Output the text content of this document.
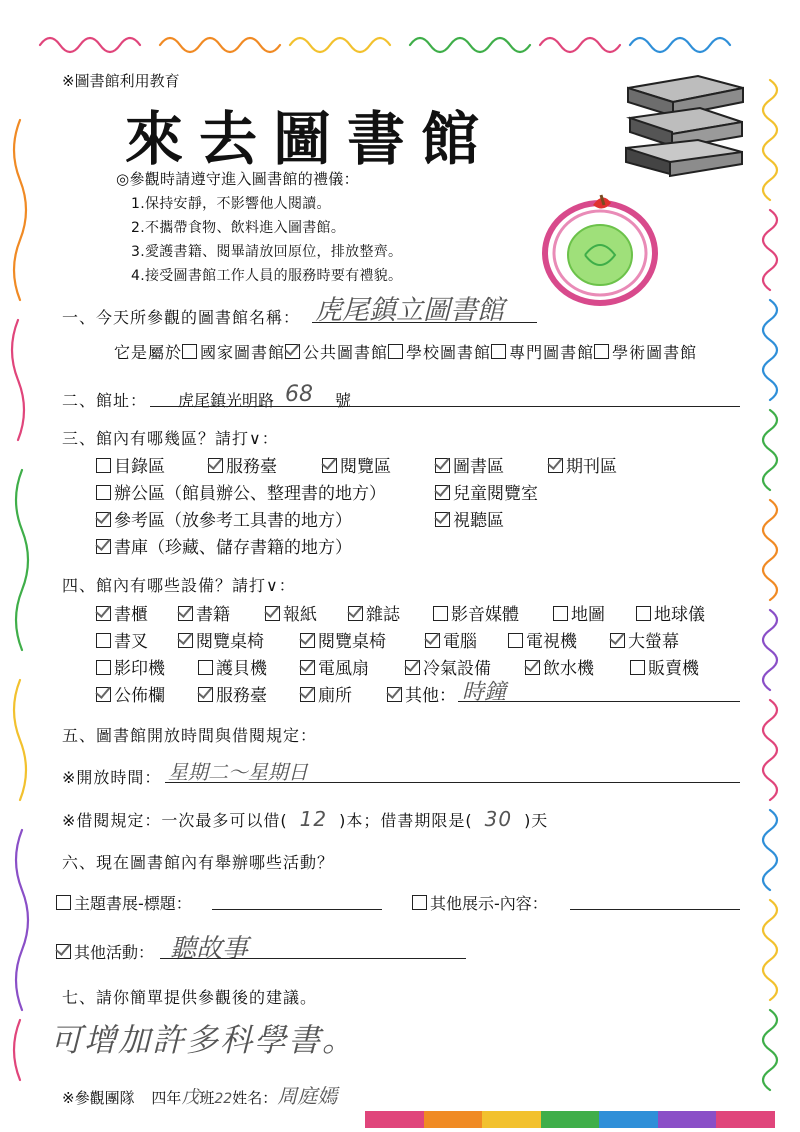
※圖書館利用教育
來去圖書館
◎參觀時請遵守進入圖書館的禮儀：
1.保持安靜，不影響他人閱讀。
2.不攜帶食物、飲料進入圖書館。
3.愛護書籍、閱畢請放回原位，排放整齊。
4.接受圖書館工作人員的服務時要有禮貌。
一、今天所參觀的圖書館名稱： 虎尾鎮立圖書館
它是屬於 國家圖書館 公共圖書館 學校圖書館 專門圖書館 學術圖書館
二、館址： 虎尾鎮光明路 68 號
三、館內有哪幾區？請打∨：
目錄區	服務臺	閱覽區	圖書區	期刊區
辦公區（館員辦公、整理書的地方）	兒童閱覽室
參考區（放參考工具書的地方）	視聽區
書庫（珍藏、儲存書籍的地方）
四、館內有哪些設備？請打∨：
書櫃	書籍	報紙	雜誌	影音媒體	地圖	地球儀
書叉	閱覽桌椅	閱覽桌椅	電腦	電視機	大螢幕
影印機	護貝機	電風扇	冷氣設備	飲水機	販賣機
公佈欄	服務臺	廁所	其他： 時鐘
五、圖書館開放時間與借閱規定：
※開放時間： 星期二～星期日
※借閱規定：一次最多可以借( 12 )本；借書期限是( 30 )天
六、現在圖書館內有舉辦哪些活動？
主題書展-標題：	其他展示-內容：
其他活動： 聽故事
七、請你簡單提供參觀後的建議。
可增加許多科學書。
※參觀團隊 四年戊班22姓名：周庭嫣
